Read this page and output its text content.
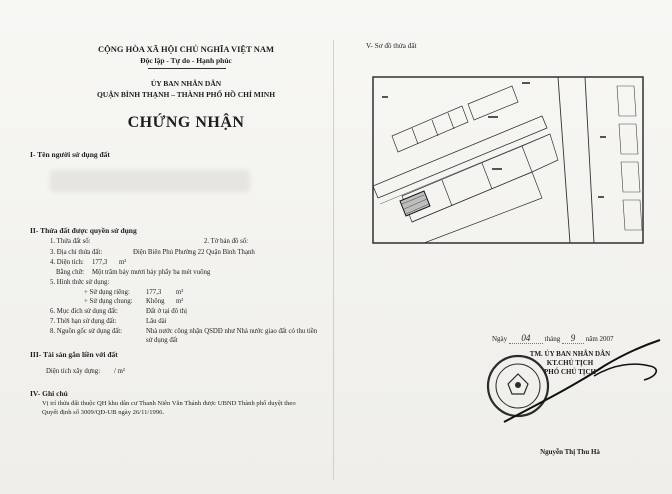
CỘNG HÒA XÃ HỘI CHỦ NGHĨA VIỆT NAM
Độc lập - Tự do - Hạnh phúc
ỦY BAN NHÂN DÂN
QUẬN BÌNH THẠNH – THÀNH PHỐ HỒ CHÍ MINH
CHỨNG NHẬN
I- Tên người sử dụng đất
II- Thửa đất được quyền sử dụng
1. Thửa đất số:	2. Tờ bản đồ số:
3. Địa chỉ thửa đất:	Điện Biên Phủ Phường 22 Quận Bình Thạnh
4. Diện tích: 177,3 m²
Bằng chữ: Một trăm bảy mươi bảy phẩy ba mét vuông
5. Hình thức sử dụng:
+ Sử dụng riêng: 177,3 m²
+ Sử dụng chung: Không m²
6. Mục đích sử dụng đất:	Đất ở tại đô thị
7. Thời hạn sử dụng đất:	Lâu dài
8. Nguồn gốc sử dụng đất:	Nhà nước công nhận QSDĐ như Nhà nước giao đất có thu tiền
sử dụng đất
III- Tài sản gắn liền với đất
Diện tích xây dựng: / m²
IV- Ghi chú
Vị trí thửa đất thuộc QH khu dân cư Thanh Niên Văn Thánh được UBND Thành phố duyệt theo
Quyết định số 3009/QĐ-UB ngày 26/11/1996.
V- Sơ đồ thửa đất
Ngày 04 tháng 9 năm 2007
TM. ỦY BAN NHÂN DÂN
KT.CHỦ TỊCH
PHÓ CHỦ TỊCH
Nguyễn Thị Thu Hà
